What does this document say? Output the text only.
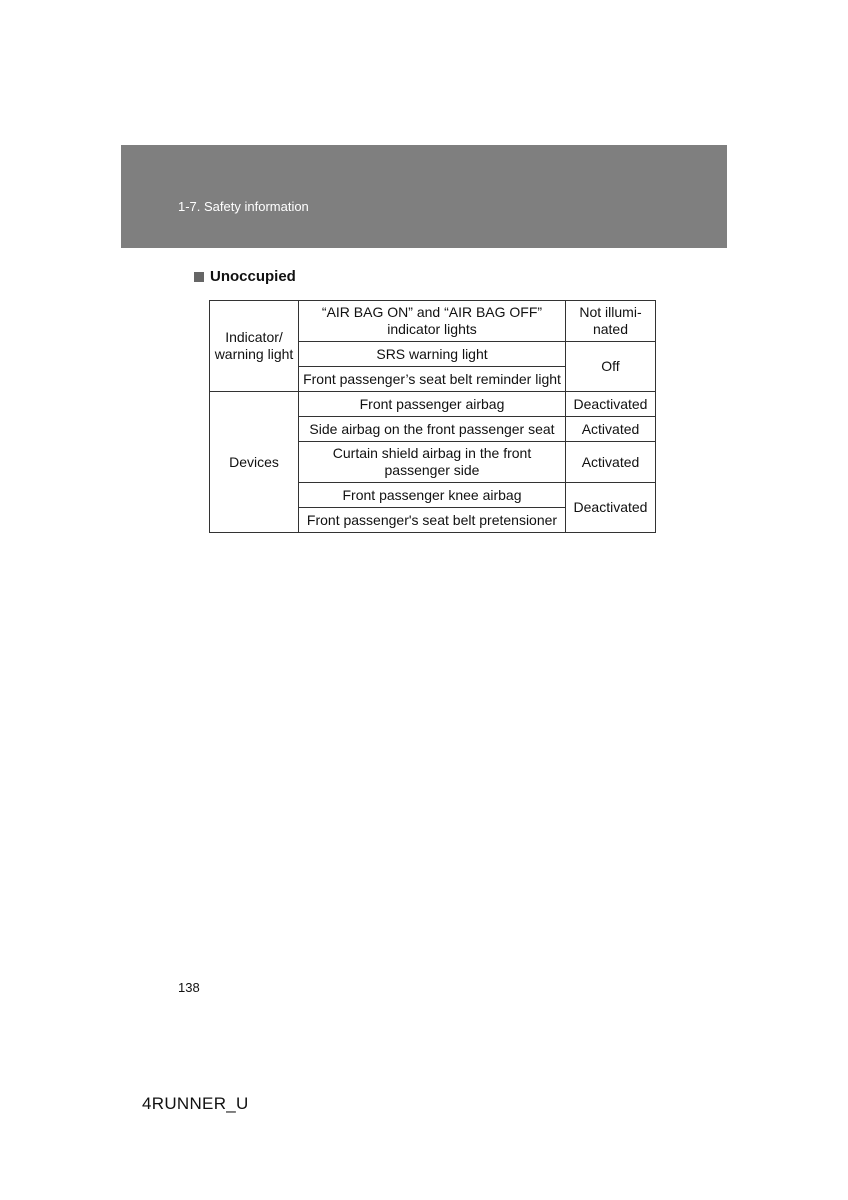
1-7. Safety information
Unoccupied
Indicator/ warning light	“AIR BAG ON” and “AIR BAG OFF” indicator lights	Not illumi- nated
	SRS warning light	Off
	Front passenger’s seat belt reminder light	
Devices	Front passenger airbag	Deactivated
	Side airbag on the front passenger seat	Activated
	Curtain shield airbag in the front passenger side	Activated
	Front passenger knee airbag	Deactivated
	Front passenger's seat belt pretensioner	
138
4RUNNER_U
